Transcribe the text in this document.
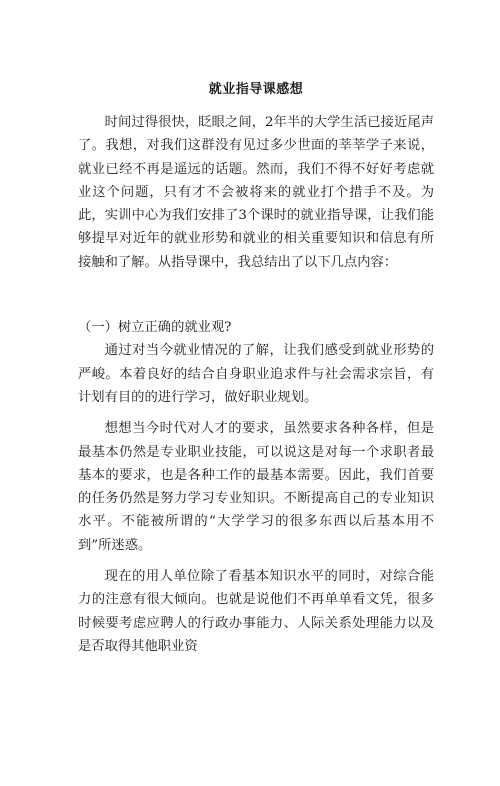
就业指导课感想

时间过得很快，眨眼之间，2年半的大学生活已接近尾声了。我想，对我们这群没有见过多少世面的莘莘学子来说，就业已经不再是遥远的话题。然而，我们不得不好好考虑就业这个问题，只有才不会被将来的就业打个措手不及。为此，实训中心为我们安排了3个课时的就业指导课，让我们能够提早对近年的就业形势和就业的相关重要知识和信息有所接触和了解。从指导课中，我总结出了以下几点内容：

（一）树立正确的就业观?

通过对当今就业情况的了解，让我们感受到就业形势的严峻。本着良好的结合自身职业追求件与社会需求宗旨，有计划有目的的进行学习，做好职业规划。

想想当今时代对人才的要求，虽然要求各种各样，但是最基本仍然是专业职业技能，可以说这是对每一个求职者最基本的要求，也是各种工作的最基本需要。因此，我们首要的任务仍然是努力学习专业知识。不断提高自己的专业知识水平。不能被所谓的“大学学习的很多东西以后基本用不到”所迷惑。

现在的用人单位除了看基本知识水平的同时，对综合能力的注意有很大倾向。也就是说他们不再单单看文凭，很多时候要考虑应聘人的行政办事能力、人际关系处理能力以及是否取得其他职业资
